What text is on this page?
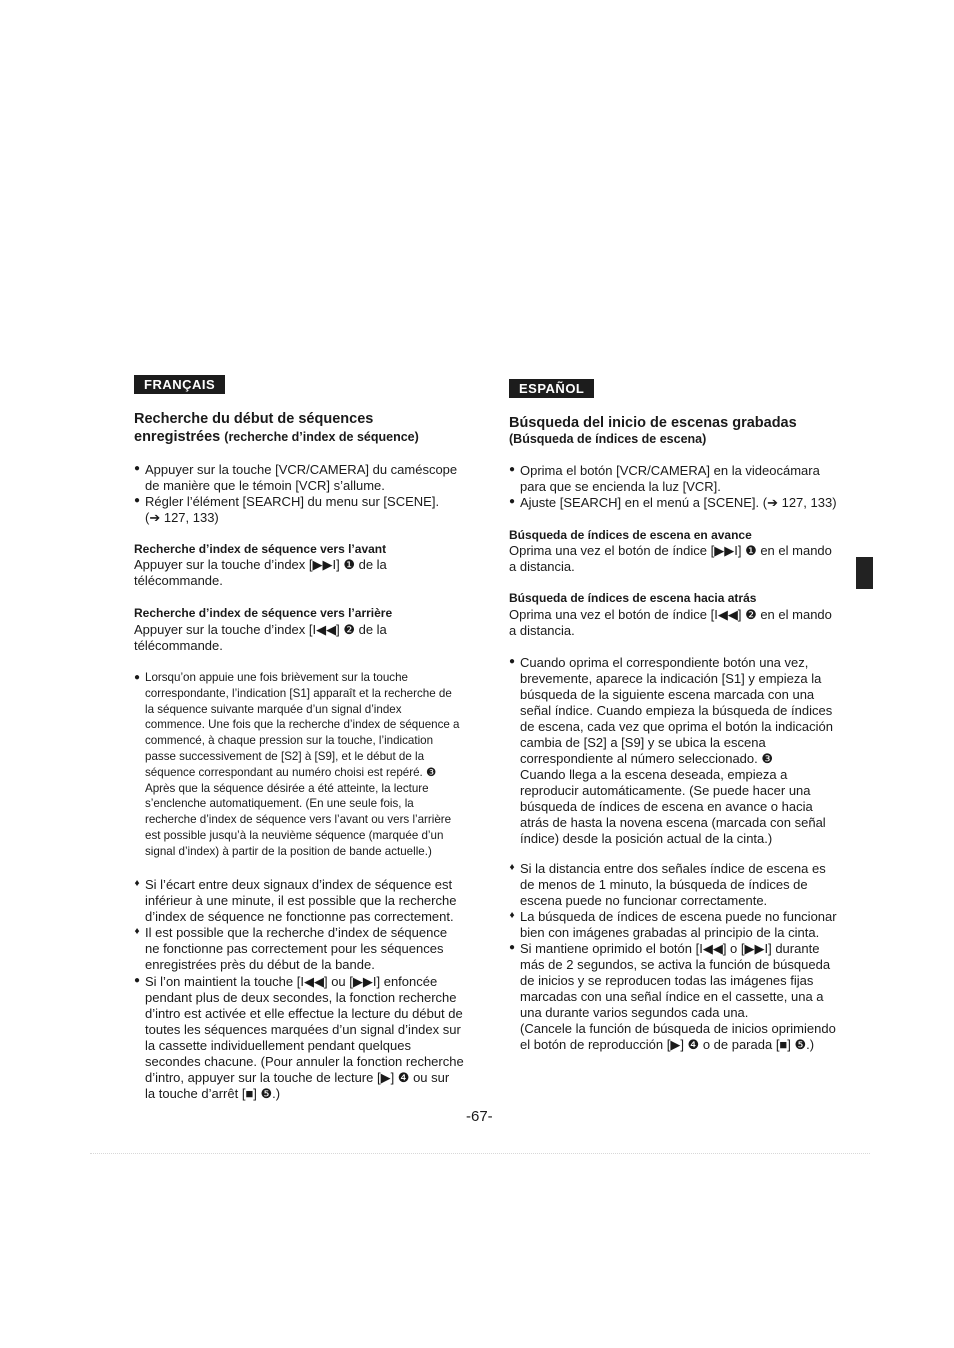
FRANÇAIS
Recherche du début de séquences
enregistrées (recherche d’index de séquence)
● Appuyer sur la touche [VCR/CAMERA] du caméscope
de manière que le témoin [VCR] s’allume.
● Régler l’élément [SEARCH] du menu sur [SCENE].
(➔ 127, 133)
Recherche d’index de séquence vers l’avant
Appuyer sur la touche d’index [▶▶I] ❶ de la
télécommande.
Recherche d’index de séquence vers l’arrière
Appuyer sur la touche d’index [I◀◀] ❷ de la
télécommande.
● Lorsqu’on appuie une fois brièvement sur la touche
correspondante, l’indication [S1] apparaît et la recherche de
la séquence suivante marquée d’un signal d’index
commence. Une fois que la recherche d’index de séquence a
commencé, à chaque pression sur la touche, l’indication
passe successivement de [S2] à [S9], et le début de la
séquence correspondant au numéro choisi est repéré. ❸
Après que la séquence désirée a été atteinte, la lecture
s’enclenche automatiquement. (En une seule fois, la
recherche d’index de séquence vers l’avant ou vers l’arrière
est possible jusqu’à la neuvième séquence (marquée d’un
signal d’index) à partir de la position de bande actuelle.)
♦ Si l’écart entre deux signaux d’index de séquence est
inférieur à une minute, il est possible que la recherche
d’index de séquence ne fonctionne pas correctement.
♦ Il est possible que la recherche d’index de séquence
ne fonctionne pas correctement pour les séquences
enregistrées près du début de la bande.
● Si l’on maintient la touche [I◀◀] ou [▶▶I] enfoncée
pendant plus de deux secondes, la fonction recherche
d’intro est activée et elle effectue la lecture du début de
toutes les séquences marquées d’un signal d’index sur
la cassette individuellement pendant quelques
secondes chacune. (Pour annuler la fonction recherche
d’intro, appuyer sur la touche de lecture [▶] ❹ ou sur
la touche d’arrêt [■] ❺.)
ESPAÑOL
Búsqueda del inicio de escenas grabadas
(Búsqueda de índices de escena)
● Oprima el botón [VCR/CAMERA] en la videocámara
para que se encienda la luz [VCR].
● Ajuste [SEARCH] en el menú a [SCENE]. (➔ 127, 133)
Búsqueda de índices de escena en avance
Oprima una vez el botón de índice [▶▶I] ❶ en el mando
a distancia.
Búsqueda de índices de escena hacia atrás
Oprima una vez el botón de índice [I◀◀] ❷ en el mando
a distancia.
● Cuando oprima el correspondiente botón una vez,
brevemente, aparece la indicación [S1] y empieza la
búsqueda de la siguiente escena marcada con una
señal índice. Cuando empieza la búsqueda de índices
de escena, cada vez que oprima el botón la indicación
cambia de [S2] a [S9] y se ubica la escena
correspondiente al número seleccionado. ❸
Cuando llega a la escena deseada, empieza a
reproducir automáticamente. (Se puede hacer una
búsqueda de índices de escena en avance o hacia
atrás de hasta la novena escena (marcada con señal
índice) desde la posición actual de la cinta.)
♦ Si la distancia entre dos señales índice de escena es
de menos de 1 minuto, la búsqueda de índices de
escena puede no funcionar correctamente.
♦ La búsqueda de índices de escena puede no funcionar
bien con imágenes grabadas al principio de la cinta.
● Si mantiene oprimido el botón [I◀◀] o [▶▶I] durante
más de 2 segundos, se activa la función de búsqueda
de inicios y se reproducen todas las imágenes fijas
marcadas con una señal índice en el cassette, una a
una durante varios segundos cada una.
(Cancele la función de búsqueda de inicios oprimiendo
el botón de reproducción [▶] ❹ o de parada [■] ❺.)
-67-
